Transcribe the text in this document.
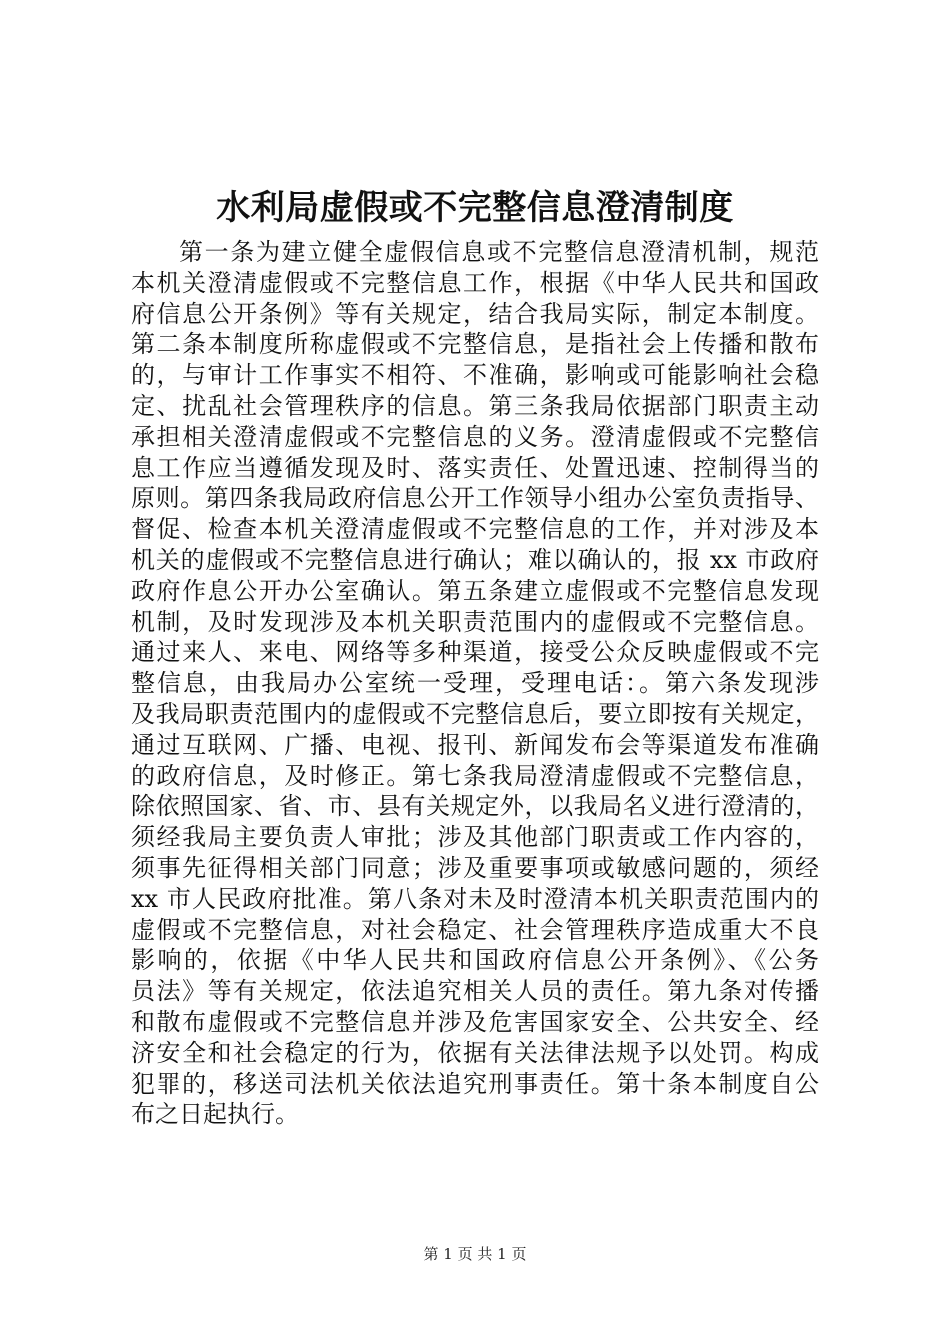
水利局虚假或不完整信息澄清制度
第一条为建立健全虚假信息或不完整信息澄清机制，规范
本机关澄清虚假或不完整信息工作，根据《中华人民共和国政
府信息公开条例》等有关规定，结合我局实际，制定本制度。
第二条本制度所称虚假或不完整信息，是指社会上传播和散布
的，与审计工作事实不相符、不准确，影响或可能影响社会稳
定、扰乱社会管理秩序的信息。第三条我局依据部门职责主动
承担相关澄清虚假或不完整信息的义务。澄清虚假或不完整信
息工作应当遵循发现及时、落实责任、处置迅速、控制得当的
原则。第四条我局政府信息公开工作领导小组办公室负责指导、
督促、检查本机关澄清虚假或不完整信息的工作，并对涉及本
机关的虚假或不完整信息进行确认；难以确认的，报 xx 市政府
政府作息公开办公室确认。第五条建立虚假或不完整信息发现
机制，及时发现涉及本机关职责范围内的虚假或不完整信息。
通过来人、来电、网络等多种渠道，接受公众反映虚假或不完
整信息，由我局办公室统一受理，受理电话：。第六条发现涉
及我局职责范围内的虚假或不完整信息后，要立即按有关规定，
通过互联网、广播、电视、报刊、新闻发布会等渠道发布准确
的政府信息，及时修正。第七条我局澄清虚假或不完整信息，
除依照国家、省、市、县有关规定外，以我局名义进行澄清的，
须经我局主要负责人审批；涉及其他部门职责或工作内容的，
须事先征得相关部门同意；涉及重要事项或敏感问题的，须经
xx 市人民政府批准。第八条对未及时澄清本机关职责范围内的
虚假或不完整信息，对社会稳定、社会管理秩序造成重大不良
影响的，依据《中华人民共和国政府信息公开条例》、《公务
员法》等有关规定，依法追究相关人员的责任。第九条对传播
和散布虚假或不完整信息并涉及危害国家安全、公共安全、经
济安全和社会稳定的行为，依据有关法律法规予以处罚。构成
犯罪的，移送司法机关依法追究刑事责任。第十条本制度自公
布之日起执行。
第 1 页 共 1 页
